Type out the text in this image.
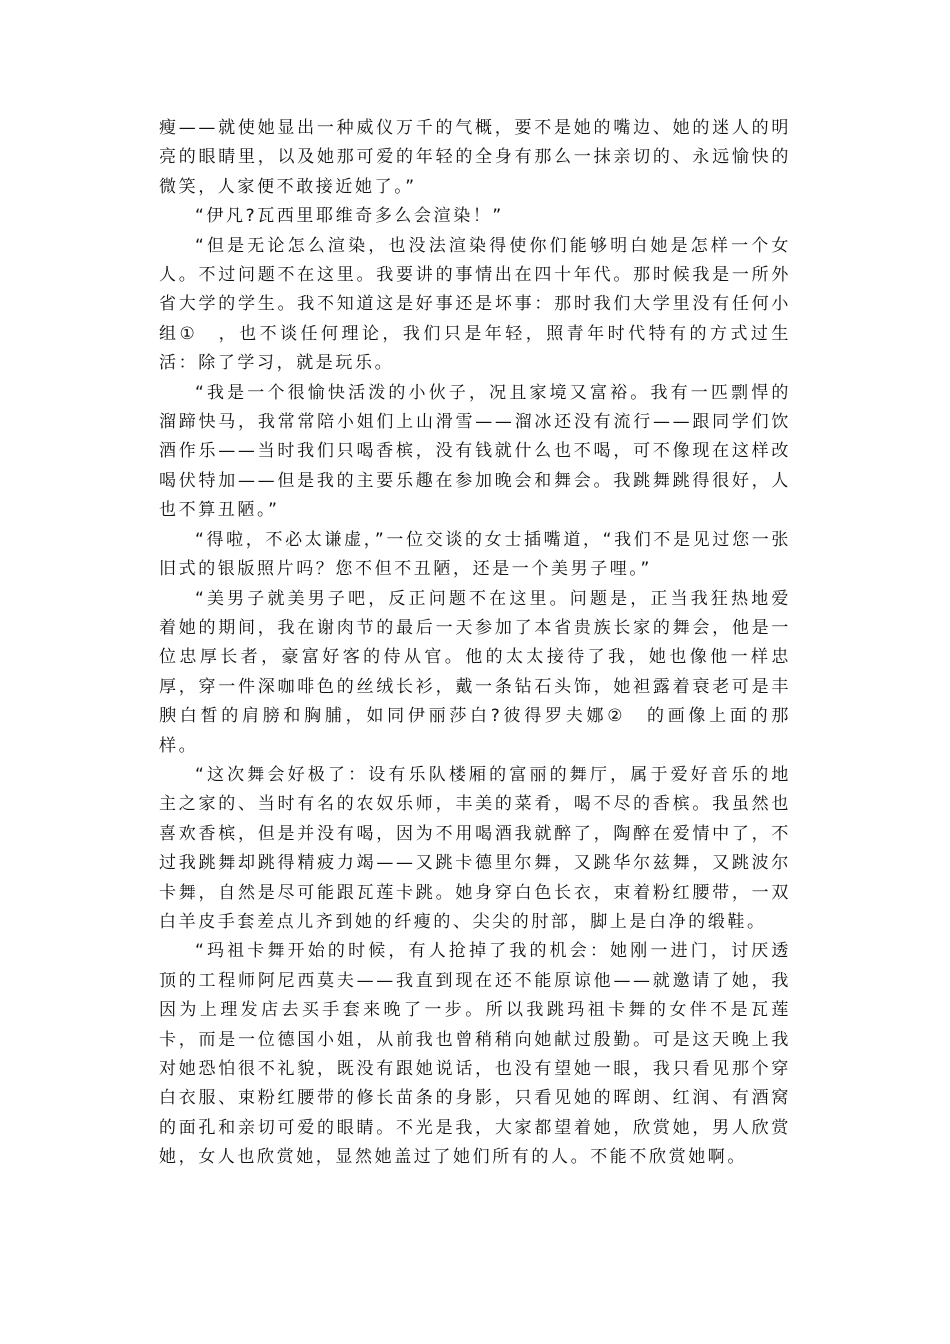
瘦——就使她显出一种威仪万千的气概，要不是她的嘴边、她的迷人的明亮的眼睛里，以及她那可爱的年轻的全身有那么一抹亲切的、永远愉快的微笑，人家便不敢接近她了。”

“伊凡?瓦西里耶维奇多么会渲染！”

“但是无论怎么渲染，也没法渲染得使你们能够明白她是怎样一个女人。不过问题不在这里。我要讲的事情出在四十年代。那时候我是一所外省大学的学生。我不知道这是好事还是坏事：那时我们大学里没有任何小组①　，也不谈任何理论，我们只是年轻，照青年时代特有的方式过生活：除了学习，就是玩乐。

“我是一个很愉快活泼的小伙子，况且家境又富裕。我有一匹剽悍的溜蹄快马，我常常陪小姐们上山滑雪——溜冰还没有流行——跟同学们饮酒作乐——当时我们只喝香槟，没有钱就什么也不喝，可不像现在这样改喝伏特加——但是我的主要乐趣在参加晚会和舞会。我跳舞跳得很好，人也不算丑陋。”

“得啦，不必太谦虚，”一位交谈的女士插嘴道，“我们不是见过您一张旧式的银版照片吗？您不但不丑陋，还是一个美男子哩。”

“美男子就美男子吧，反正问题不在这里。问题是，正当我狂热地爱着她的期间，我在谢肉节的最后一天参加了本省贵族长家的舞会，他是一位忠厚长者，豪富好客的侍从官。他的太太接待了我，她也像他一样忠厚，穿一件深咖啡色的丝绒长衫，戴一条钻石头饰，她袒露着衰老可是丰腴白皙的肩膀和胸脯，如同伊丽莎白?彼得罗夫娜②　的画像上面的那样。

“这次舞会好极了：设有乐队楼厢的富丽的舞厅，属于爱好音乐的地主之家的、当时有名的农奴乐师，丰美的菜肴，喝不尽的香槟。我虽然也喜欢香槟，但是并没有喝，因为不用喝酒我就醉了，陶醉在爱情中了，不过我跳舞却跳得精疲力竭——又跳卡德里尔舞，又跳华尔兹舞，又跳波尔卡舞，自然是尽可能跟瓦莲卡跳。她身穿白色长衣，束着粉红腰带，一双白羊皮手套差点儿齐到她的纤瘦的、尖尖的肘部，脚上是白净的缎鞋。

“玛祖卡舞开始的时候，有人抢掉了我的机会：她刚一进门，讨厌透顶的工程师阿尼西莫夫——我直到现在还不能原谅他——就邀请了她，我因为上理发店去买手套来晚了一步。所以我跳玛祖卡舞的女伴不是瓦莲卡，而是一位德国小姐，从前我也曾稍稍向她献过殷勤。可是这天晚上我对她恐怕很不礼貌，既没有跟她说话，也没有望她一眼，我只看见那个穿白衣服、束粉红腰带的修长苗条的身影，只看见她的晖朗、红润、有酒窝的面孔和亲切可爱的眼睛。不光是我，大家都望着她，欣赏她，男人欣赏她，女人也欣赏她，显然她盖过了她们所有的人。不能不欣赏她啊。
